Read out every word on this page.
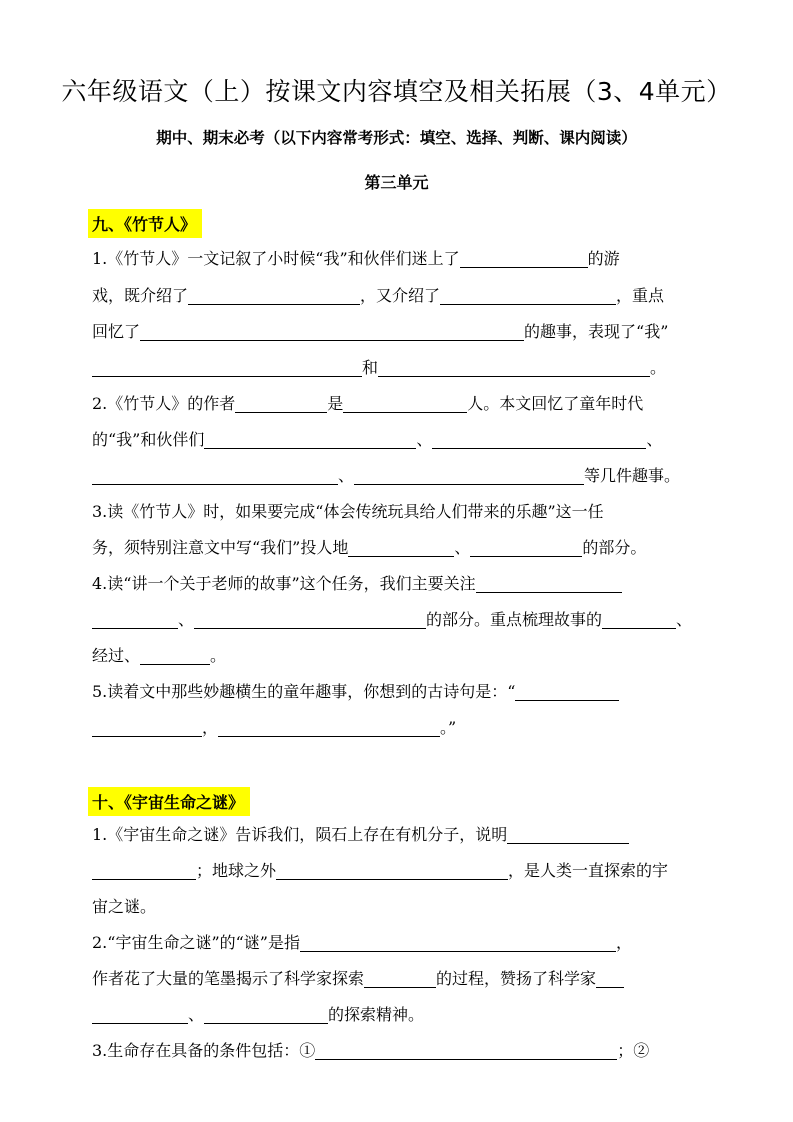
六年级语文（上）按课文内容填空及相关拓展（3、4单元）
期中、期末必考（以下内容常考形式：填空、选择、判断、课内阅读）
第三单元
九、《竹节人》
1.《竹节人》一文记叙了小时候“我”和伙伴们迷上了	的游
戏，既介绍了	，又介绍了	，重点
回忆了	的趣事，表现了“我”
和	。
2.《竹节人》的作者	是	人。本文回忆了童年时代
的“我”和伙伴们	、	、
、	等几件趣事。
3.读《竹节人》时，如果要完成“体会传统玩具给人们带来的乐趣”这一任
务，须特别注意文中写“我们”投人地	、	的部分。
4.读“讲一个关于老师的故事”这个任务，我们主要关注
、	的部分。重点梳理故事的	、
经过、	。
5.读着文中那些妙趣横生的童年趣事，你想到的古诗句是：“
，	。”
十、《宇宙生命之谜》
1.《宇宙生命之谜》告诉我们，陨石上存在有机分子，说明
；地球之外	，是人类一直探索的宇
宙之谜。
2.“宇宙生命之谜”的“谜”是指	，
作者花了大量的笔墨揭示了科学家探索	的过程，赞扬了科学家
、	的探索精神。
3.生命存在具备的条件包括：①	；②
